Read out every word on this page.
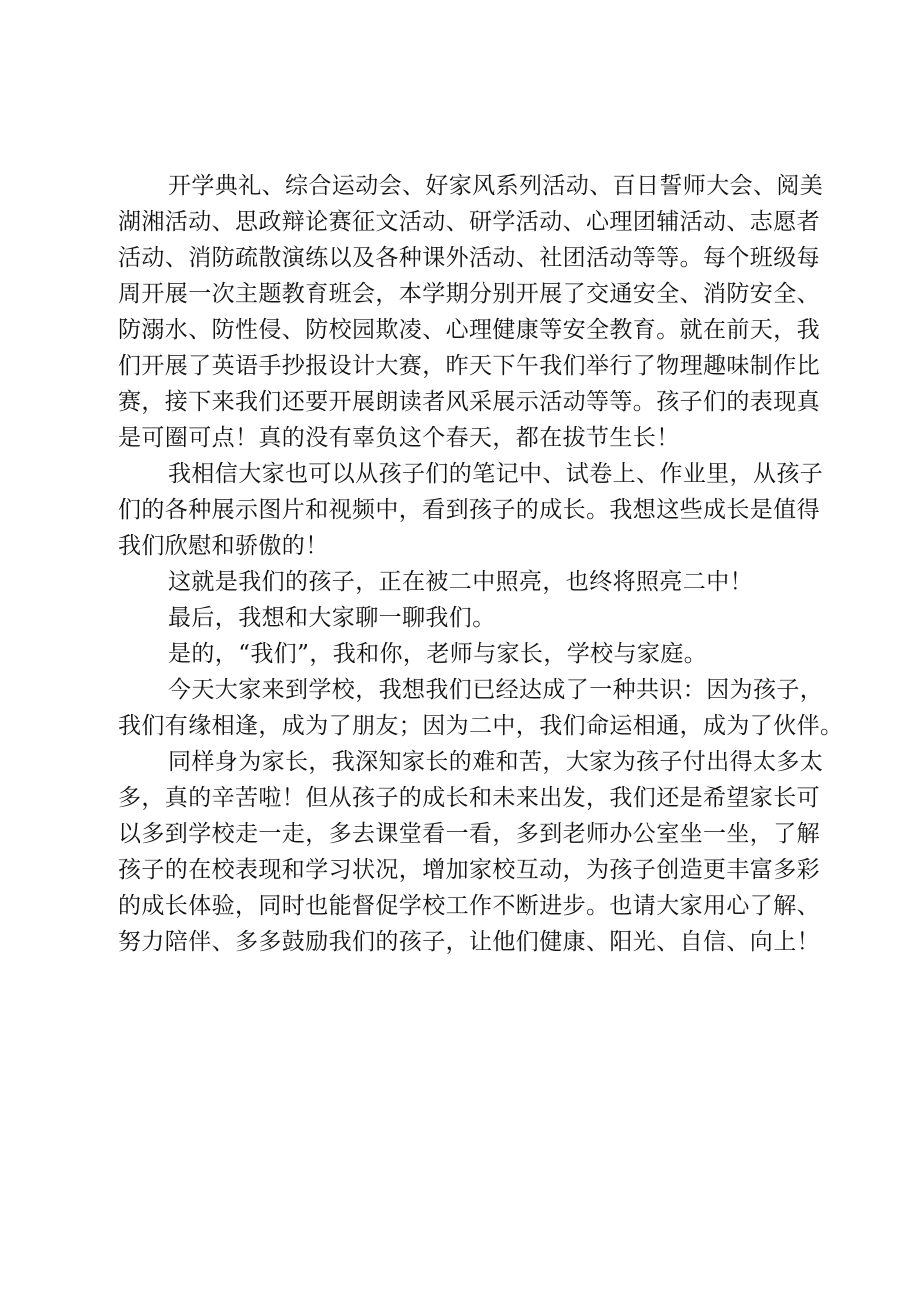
开学典礼、综合运动会、好家风系列活动、百日誓师大会、阅美
湖湘活动、思政辩论赛征文活动、研学活动、心理团辅活动、志愿者
活动、消防疏散演练以及各种课外活动、社团活动等等。每个班级每
周开展一次主题教育班会，本学期分别开展了交通安全、消防安全、
防溺水、防性侵、防校园欺凌、心理健康等安全教育。就在前天，我
们开展了英语手抄报设计大赛，昨天下午我们举行了物理趣味制作比
赛，接下来我们还要开展朗读者风采展示活动等等。孩子们的表现真
是可圈可点！真的没有辜负这个春天，都在拔节生长！
我相信大家也可以从孩子们的笔记中、试卷上、作业里，从孩子
们的各种展示图片和视频中，看到孩子的成长。我想这些成长是值得
我们欣慰和骄傲的！
这就是我们的孩子，正在被二中照亮，也终将照亮二中！
最后，我想和大家聊一聊我们。
是的，“我们”，我和你，老师与家长，学校与家庭。
今天大家来到学校，我想我们已经达成了一种共识：因为孩子，
我们有缘相逢，成为了朋友；因为二中，我们命运相通，成为了伙伴。
同样身为家长，我深知家长的难和苦，大家为孩子付出得太多太
多，真的辛苦啦！但从孩子的成长和未来出发，我们还是希望家长可
以多到学校走一走，多去课堂看一看，多到老师办公室坐一坐，了解
孩子的在校表现和学习状况，增加家校互动，为孩子创造更丰富多彩
的成长体验，同时也能督促学校工作不断进步。也请大家用心了解、
努力陪伴、多多鼓励我们的孩子，让他们健康、阳光、自信、向上！
